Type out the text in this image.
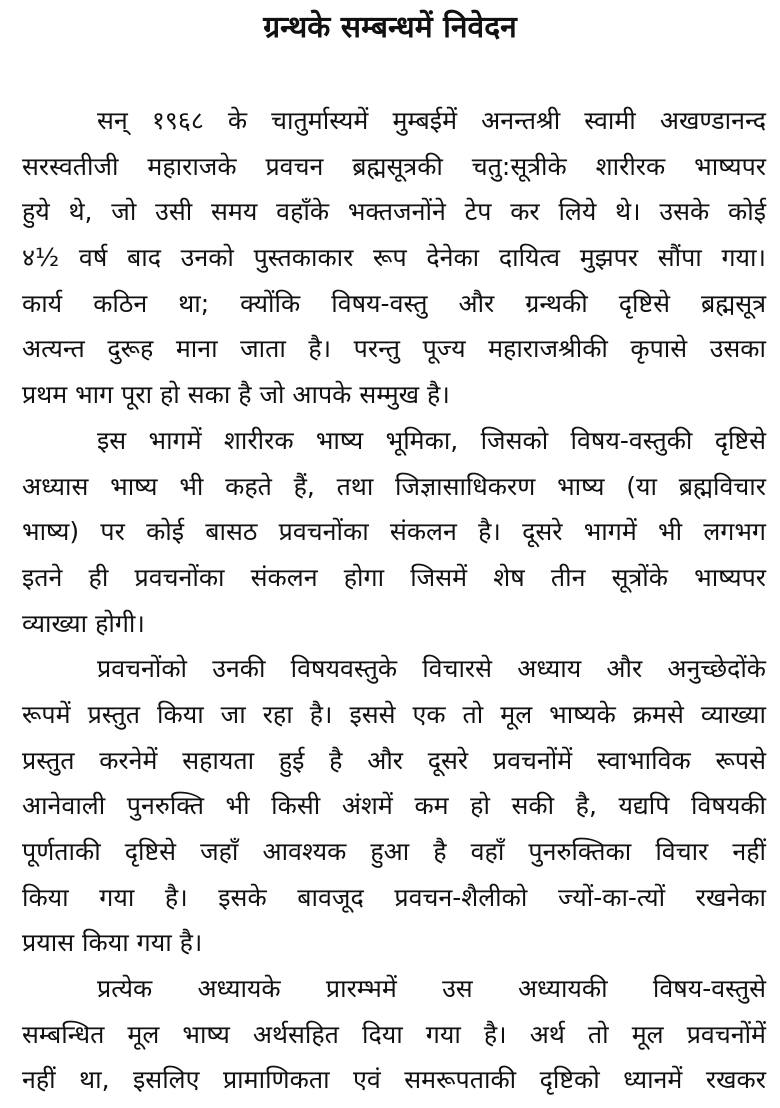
ग्रन्थके सम्बन्धमें निवेदन
सन् १९६८ के चातुर्मास्यमें मुम्बईमें अनन्तश्री स्वामी अखण्डानन्द
सरस्वतीजी महाराजके प्रवचन ब्रह्मसूत्रकी चतु:सूत्रीके शारीरक भाष्यपर
हुये थे, जो उसी समय वहाँके भक्तजनोंने टेप कर लिये थे। उसके कोई
४½ वर्ष बाद उनको पुस्तकाकार रूप देनेका दायित्व मुझपर सौंपा गया।
कार्य कठिन था; क्योंकि विषय-वस्तु और ग्रन्थकी दृष्टिसे ब्रह्मसूत्र
अत्यन्त दुरूह माना जाता है। परन्तु पूज्य महाराजश्रीकी कृपासे उसका
प्रथम भाग पूरा हो सका है जो आपके सम्मुख है।
इस भागमें शारीरक भाष्य भूमिका, जिसको विषय-वस्तुकी दृष्टिसे
अध्यास भाष्य भी कहते हैं, तथा जिज्ञासाधिकरण भाष्य (या ब्रह्मविचार
भाष्य) पर कोई बासठ प्रवचनोंका संकलन है। दूसरे भागमें भी लगभग
इतने ही प्रवचनोंका संकलन होगा जिसमें शेष तीन सूत्रोंके भाष्यपर
व्याख्या होगी।
प्रवचनोंको उनकी विषयवस्तुके विचारसे अध्याय और अनुच्छेदोंके
रूपमें प्रस्तुत किया जा रहा है। इससे एक तो मूल भाष्यके क्रमसे व्याख्या
प्रस्तुत करनेमें सहायता हुई है और दूसरे प्रवचनोंमें स्वाभाविक रूपसे
आनेवाली पुनरुक्ति भी किसी अंशमें कम हो सकी है, यद्यपि विषयकी
पूर्णताकी दृष्टिसे जहाँ आवश्यक हुआ है वहाँ पुनरुक्तिका विचार नहीं
किया गया है। इसके बावजूद प्रवचन-शैलीको ज्यों-का-त्यों रखनेका
प्रयास किया गया है।
प्रत्येक अध्यायके प्रारम्भमें उस अध्यायकी विषय-वस्तुसे
सम्बन्धित मूल भाष्य अर्थसहित दिया गया है। अर्थ तो मूल प्रवचनोंमें
नहीं था, इसलिए प्रामाणिकता एवं समरूपताकी दृष्टिको ध्यानमें रखकर
